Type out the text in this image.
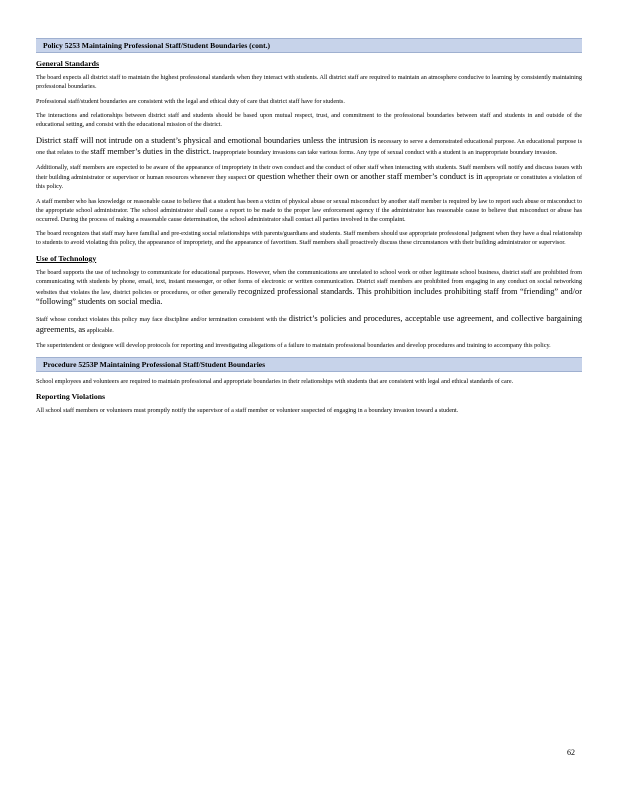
Policy 5253 Maintaining Professional Staff/Student Boundaries (cont.)
General Standards

The board expects all district staff to maintain the highest professional standards when they interact with students. All district staff are required to maintain an atmosphere conducive to learning by consistently maintaining professional boundaries.

Professional staff/student boundaries are consistent with the legal and ethical duty of care that district staff have for students.

The interactions and relationships between district staff and students should be based upon mutual respect, trust, and commitment to the professional boundaries between staff and students in and outside of the educational setting, and consist with the educational mission of the district.

District staff will not intrude on a student’s physical and emotional boundaries unless the intrusion is necessary to serve a demonstrated educational purpose. An educational purpose is one that relates to the staff member’s duties in the district. Inappropriate boundary invasions can take various forms. Any type of sexual conduct with a student is an inappropriate boundary invasion.

Additionally, staff members are expected to be aware of the appearance of impropriety in their own conduct and the conduct of other staff when interacting with students. Staff members will notify and discuss issues with their building administrator or supervisor or human resources whenever they suspect or question whether their own or another staff member’s conduct is in appropriate or constitutes a violation of this policy.

A staff member who has knowledge or reasonable cause to believe that a student has been a victim of physical abuse or sexual misconduct by another staff member is required by law to report such abuse or misconduct to the appropriate school administrator. The school administrator shall cause a report to be made to the proper law enforcement agency if the administrator has reasonable cause to believe that misconduct or abuse has occurred. During the process of making a reasonable cause determination, the school administrator shall contact all parties involved in the complaint.

The board recognizes that staff may have familial and pre-existing social relationships with parents/guardians and students. Staff members should use appropriate professional judgment when they have a dual relationship to students to avoid violating this policy, the appearance of impropriety, and the appearance of favoritism. Staff members shall proactively discuss these circumstances with their building administrator or supervisor.

Use of Technology

The board supports the use of technology to communicate for educational purposes. However, when the communications are unrelated to school work or other legitimate school business, district staff are prohibited from communicating with students by phone, email, text, instant messenger, or other forms of electronic or written communication. District staff members are prohibited from engaging in any conduct on social networking websites that violates the law, district policies or procedures, or other generally recognized professional standards. This prohibition includes prohibiting staff from “friending” and/or “following” students on social media.

Staff whose conduct violates this policy may face discipline and/or termination consistent with the district’s policies and procedures, acceptable use agreement, and collective bargaining agreements, as applicable.

The superintendent or designee will develop protocols for reporting and investigating allegations of a failure to maintain professional boundaries and develop procedures and training to accompany this policy.

Procedure 5253P Maintaining Professional Staff/Student Boundaries

School employees and volunteers are required to maintain professional and appropriate boundaries in their relationships with students that are consistent with legal and ethical standards of care.

Reporting Violations

All school staff members or volunteers must promptly notify the supervisor of a staff member or volunteer suspected of engaging in a boundary invasion toward a student.

62
